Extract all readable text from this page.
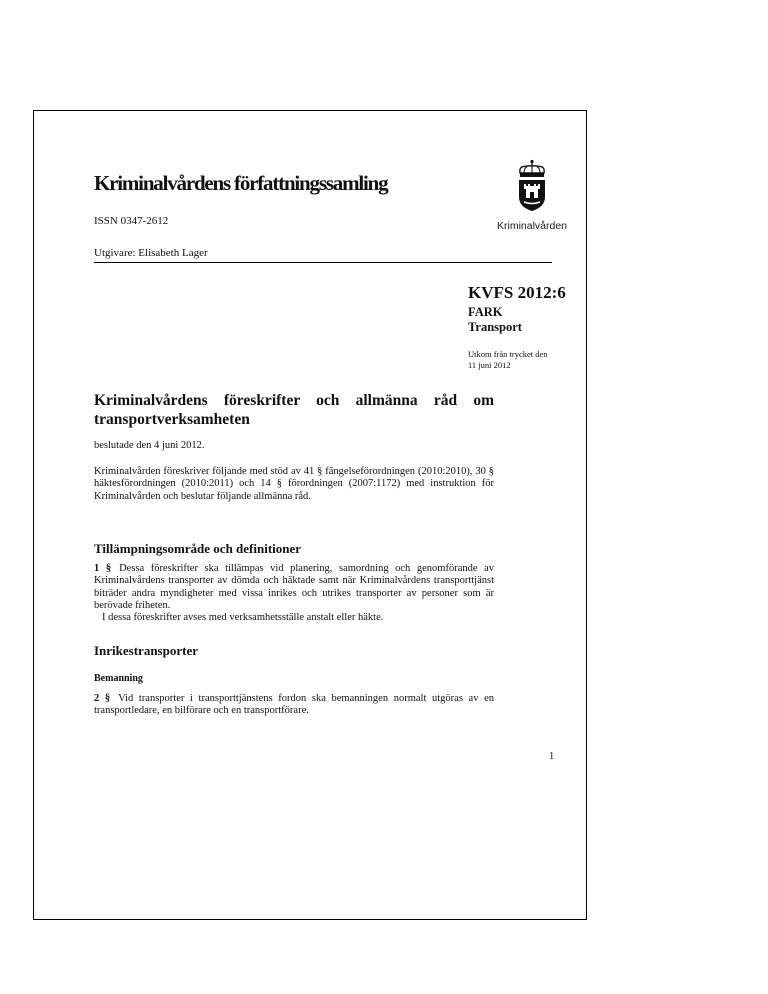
Kriminalvårdens författningssamling
ISSN 0347-2612	Kriminalvården
Utgivare: Elisabeth Lager
KVFS 2012:6
FARK
Transport
Utkom från trycket den
11 juni 2012
Kriminalvårdens föreskrifter och allmänna råd om transportverksamheten
beslutade den 4 juni 2012.

Kriminalvården föreskriver följande med stöd av 41 § fängelseförordningen (2010:2010), 30 § häktesförordningen (2010:2011) och 14 § förordningen (2007:1172) med instruktion för Kriminalvården och beslutar följande allmänna råd.

Tillämpningsområde och definitioner

1 § Dessa föreskrifter ska tillämpas vid planering, samordning och genomförande av Kriminalvårdens transporter av dömda och häktade samt när Kriminalvårdens transporttjänst biträder andra myndigheter med vissa inrikes och utrikes transporter av personer som är berövade friheten.

I dessa föreskrifter avses med verksamhetsställe anstalt eller häkte.

Inrikestransporter
Bemanning

2 § Vid transporter i transporttjänstens fordon ska bemanningen normalt utgöras av en transportledare, en bilförare och en transportförare.

1
